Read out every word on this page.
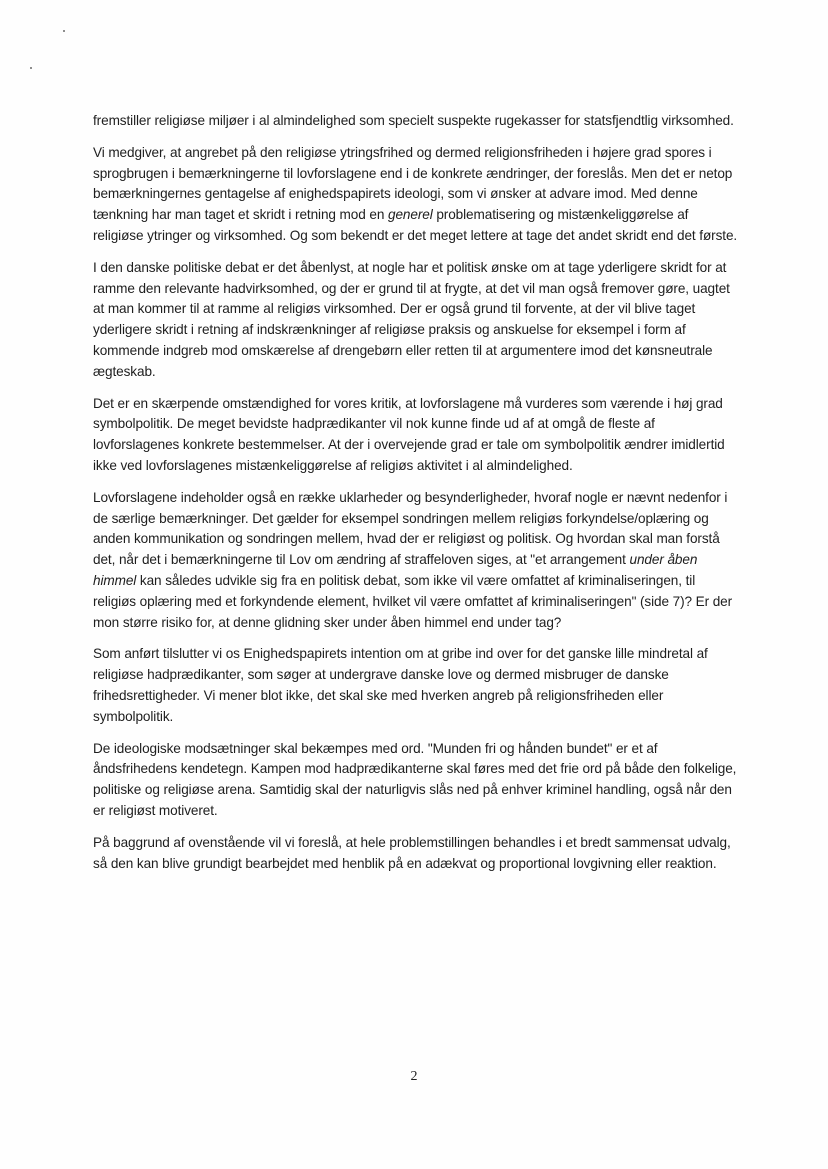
fremstiller religiøse miljøer i al almindelighed som specielt suspekte rugekasser for statsfjendtlig virksomhed.

Vi medgiver, at angrebet på den religiøse ytringsfrihed og dermed religionsfriheden i højere grad spores i sprogbrugen i bemærkningerne til lovforslagene end i de konkrete ændringer, der foreslås. Men det er netop bemærkningernes gentagelse af enighedspapirets ideologi, som vi ønsker at advare imod. Med denne tænkning har man taget et skridt i retning mod en generel problematisering og mistænkeliggørelse af religiøse ytringer og virksomhed. Og som bekendt er det meget lettere at tage det andet skridt end det første.

I den danske politiske debat er det åbenlyst, at nogle har et politisk ønske om at tage yderligere skridt for at ramme den relevante hadvirksomhed, og der er grund til at frygte, at det vil man også fremover gøre, uagtet at man kommer til at ramme al religiøs virksomhed. Der er også grund til forvente, at der vil blive taget yderligere skridt i retning af indskrænkninger af religiøse praksis og anskuelse for eksempel i form af kommende indgreb mod omskærelse af drengebørn eller retten til at argumentere imod det kønsneutrale ægteskab.

Det er en skærpende omstændighed for vores kritik, at lovforslagene må vurderes som værende i høj grad symbolpolitik. De meget bevidste hadprædikanter vil nok kunne finde ud af at omgå de fleste af lovforslagenes konkrete bestemmelser. At der i overvejende grad er tale om symbolpolitik ændrer imidlertid ikke ved lovforslagenes mistænkeliggørelse af religiøs aktivitet i al almindelighed.

Lovforslagene indeholder også en række uklarheder og besynderligheder, hvoraf nogle er nævnt nedenfor i de særlige bemærkninger. Det gælder for eksempel sondringen mellem religiøs forkyndelse/oplæring og anden kommunikation og sondringen mellem, hvad der er religiøst og politisk. Og hvordan skal man forstå det, når det i bemærkningerne til Lov om ændring af straffeloven siges, at "et arrangement under åben himmel kan således udvikle sig fra en politisk debat, som ikke vil være omfattet af kriminaliseringen, til religiøs oplæring med et forkyndende element, hvilket vil være omfattet af kriminaliseringen" (side 7)? Er der mon større risiko for, at denne glidning sker under åben himmel end under tag?

Som anført tilslutter vi os Enighedspapirets intention om at gribe ind over for det ganske lille mindretal af religiøse hadprædikanter, som søger at undergrave danske love og dermed misbruger de danske frihedsrettigheder. Vi mener blot ikke, det skal ske med hverken angreb på religionsfriheden eller symbolpolitik.

De ideologiske modsætninger skal bekæmpes med ord. "Munden fri og hånden bundet" er et af åndsfrihedens kendetegn. Kampen mod hadprædikanterne skal føres med det frie ord på både den folkelige, politiske og religiøse arena. Samtidig skal der naturligvis slås ned på enhver kriminel handling, også når den er religiøst motiveret.

På baggrund af ovenstående vil vi foreslå, at hele problemstillingen behandles i et bredt sammensat udvalg, så den kan blive grundigt bearbejdet med henblik på en adækvat og proportional lovgivning eller reaktion.

2
